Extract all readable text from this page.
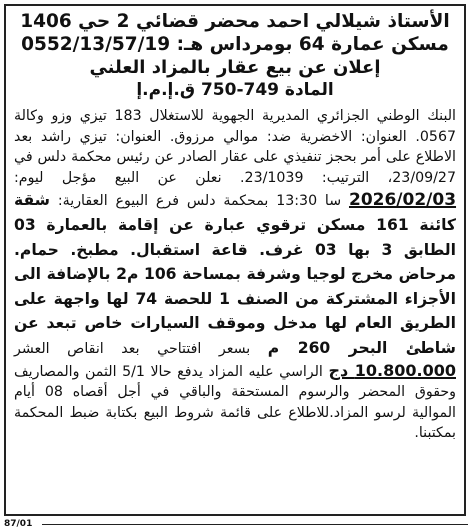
الأستاذ شيلالي احمد محضر قضائي 2 حي 1406
مسكن عمارة 64 بومرداس هـ: 0552/13/57/19
إعلان عن بيع عقار بالمزاد العلني
المادة 749-750 ق.إ.م.إ

البنك الوطني الجزائري المديرية الجهوية للاستغلال 183 تيزي وزو وكالة 0567. العنوان: الاخضرية ضد: موالي مرزوق. العنوان: تيزي راشد بعد الاطلاع على أمر بحجز تنفيذي على عقار الصادر عن رئيس محكمة دلس في 23/09/27، الترتيب: 23/1039. نعلن عن البيع مؤجل ليوم: 2026/02/03 سا 13:30 بمحكمة دلس فرع البيوع العقارية: شقة كائنة 161 مسكن ترقوي عبارة عن إقامة بالعمارة 03 الطابق 3 بها 03 غرف. قاعة استقبال. مطبخ. حمام. مرحاض مخرج لوجيا وشرفة بمساحة 106 م2 بالإضافة الى الأجزاء المشتركة من الصنف 1 للحصة 74 لها واجهة على الطريق العام لها مدخل وموقف السيارات خاص تبعد عن شاطئ البحر 260 م بسعر افتتاحي بعد انقاص العشر 10.800.000 دج الراسي عليه المزاد يدفع حالا 5/1 الثمن والمصاريف وحقوق المحضر والرسوم المستحقة والباقي في أجل أقصاه 08 أيام الموالية لرسو المزاد.للاطلاع على قائمة شروط البيع بكتابة ضبط المحكمة بمكتبنا.

87/01
